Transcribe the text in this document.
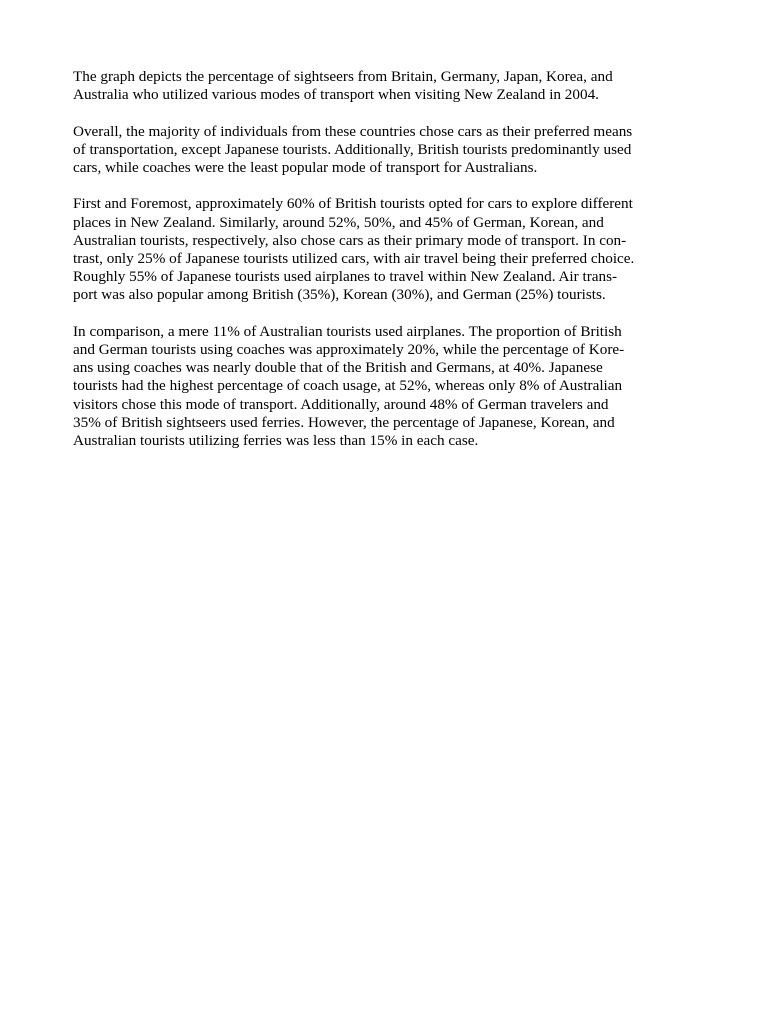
The graph depicts the percentage of sightseers from Britain, Germany, Japan, Korea, and
Australia who utilized various modes of transport when visiting New Zealand in 2004.

Overall, the majority of individuals from these countries chose cars as their preferred means
of transportation, except Japanese tourists. Additionally, British tourists predominantly used
cars, while coaches were the least popular mode of transport for Australians.

First and Foremost, approximately 60% of British tourists opted for cars to explore different
places in New Zealand. Similarly, around 52%, 50%, and 45% of German, Korean, and
Australian tourists, respectively, also chose cars as their primary mode of transport. In con-
trast, only 25% of Japanese tourists utilized cars, with air travel being their preferred choice.
Roughly 55% of Japanese tourists used airplanes to travel within New Zealand. Air trans-
port was also popular among British (35%), Korean (30%), and German (25%) tourists.

In comparison, a mere 11% of Australian tourists used airplanes. The proportion of British
and German tourists using coaches was approximately 20%, while the percentage of Kore-
ans using coaches was nearly double that of the British and Germans, at 40%. Japanese
tourists had the highest percentage of coach usage, at 52%, whereas only 8% of Australian
visitors chose this mode of transport. Additionally, around 48% of German travelers and
35% of British sightseers used ferries. However, the percentage of Japanese, Korean, and
Australian tourists utilizing ferries was less than 15% in each case.
